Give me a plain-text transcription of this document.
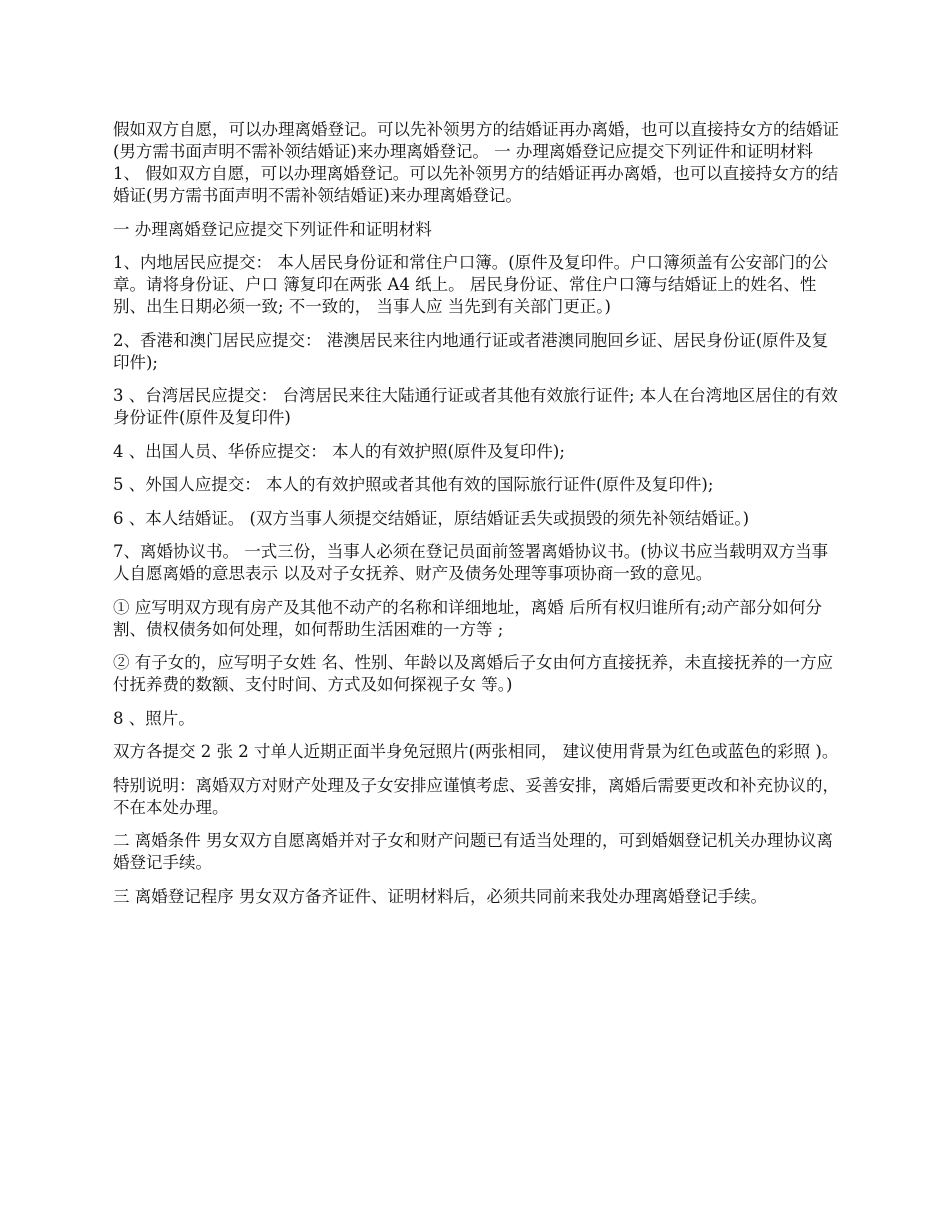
假如双方自愿，可以办理离婚登记。可以先补领男方的结婚证再办离婚，也可以直接持女方的结婚证(男方需书面声明不需补领结婚证)来办理离婚登记。 一 办理离婚登记应提交下列证件和证明材料 1、 假如双方自愿，可以办理离婚登记。可以先补领男方的结婚证再办离婚，也可以直接持女方的结婚证(男方需书面声明不需补领结婚证)来办理离婚登记。

一 办理离婚登记应提交下列证件和证明材料

1、内地居民应提交： 本人居民身份证和常住户口簿。(原件及复印件。户口簿须盖有公安部门的公章。请将身份证、户口 簿复印在两张 A4 纸上。 居民身份证、常住户口簿与结婚证上的姓名、性别、出生日期必须一致; 不一致的， 当事人应 当先到有关部门更正。)

2、香港和澳门居民应提交： 港澳居民来往内地通行证或者港澳同胞回乡证、居民身份证(原件及复印件);

3 、台湾居民应提交： 台湾居民来往大陆通行证或者其他有效旅行证件; 本人在台湾地区居住的有效身份证件(原件及复印件)

4 、出国人员、华侨应提交： 本人的有效护照(原件及复印件);

5 、外国人应提交： 本人的有效护照或者其他有效的国际旅行证件(原件及复印件);

6 、本人结婚证。 (双方当事人须提交结婚证，原结婚证丢失或损毁的须先补领结婚证。)

7、离婚协议书。 一式三份，当事人必须在登记员面前签署离婚协议书。(协议书应当载明双方当事人自愿离婚的意思表示 以及对子女抚养、财产及债务处理等事项协商一致的意见。

① 应写明双方现有房产及其他不动产的名称和详细地址，离婚 后所有权归谁所有;动产部分如何分割、债权债务如何处理，如何帮助生活困难的一方等 ;

② 有子女的，应写明子女姓 名、性别、年龄以及离婚后子女由何方直接抚养，未直接抚养的一方应付抚养费的数额、支付时间、方式及如何探视子女 等。)

8 、照片。

双方各提交 2 张 2 寸单人近期正面半身免冠照片(两张相同， 建议使用背景为红色或蓝色的彩照 )。

特别说明：离婚双方对财产处理及子女安排应谨慎考虑、妥善安排，离婚后需要更改和补充协议的，不在本处办理。

二 离婚条件 男女双方自愿离婚并对子女和财产问题已有适当处理的，可到婚姻登记机关办理协议离婚登记手续。

三 离婚登记程序 男女双方备齐证件、证明材料后，必须共同前来我处办理离婚登记手续。
